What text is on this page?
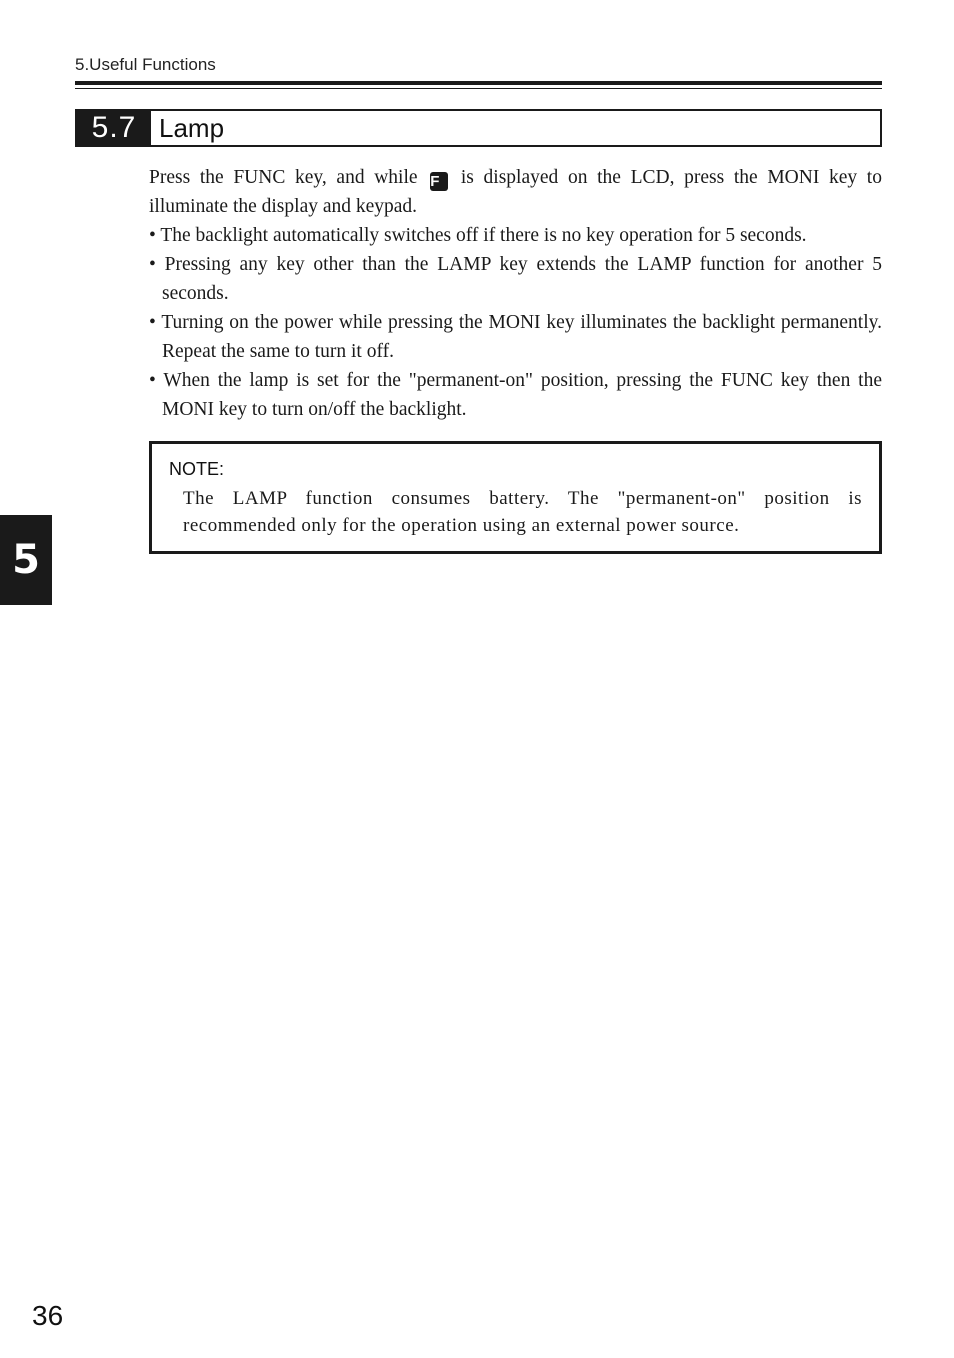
5.Useful Functions
5.7 Lamp

Press the FUNC key, and while F is displayed on the LCD, press the MONI key to illuminate the display and keypad.

• The backlight automatically switches off if there is no key operation for 5 seconds.

• Pressing any key other than the LAMP key extends the LAMP function for another 5 seconds.

• Turning on the power while pressing the MONI key illuminates the backlight permanently. Repeat the same to turn it off.

• When the lamp is set for the "permanent-on" position, pressing the FUNC key then the MONI key to turn on/off the backlight.

NOTE:

The LAMP function consumes battery. The "permanent-on" position is recommended only for the operation using an external power source.

5
36
